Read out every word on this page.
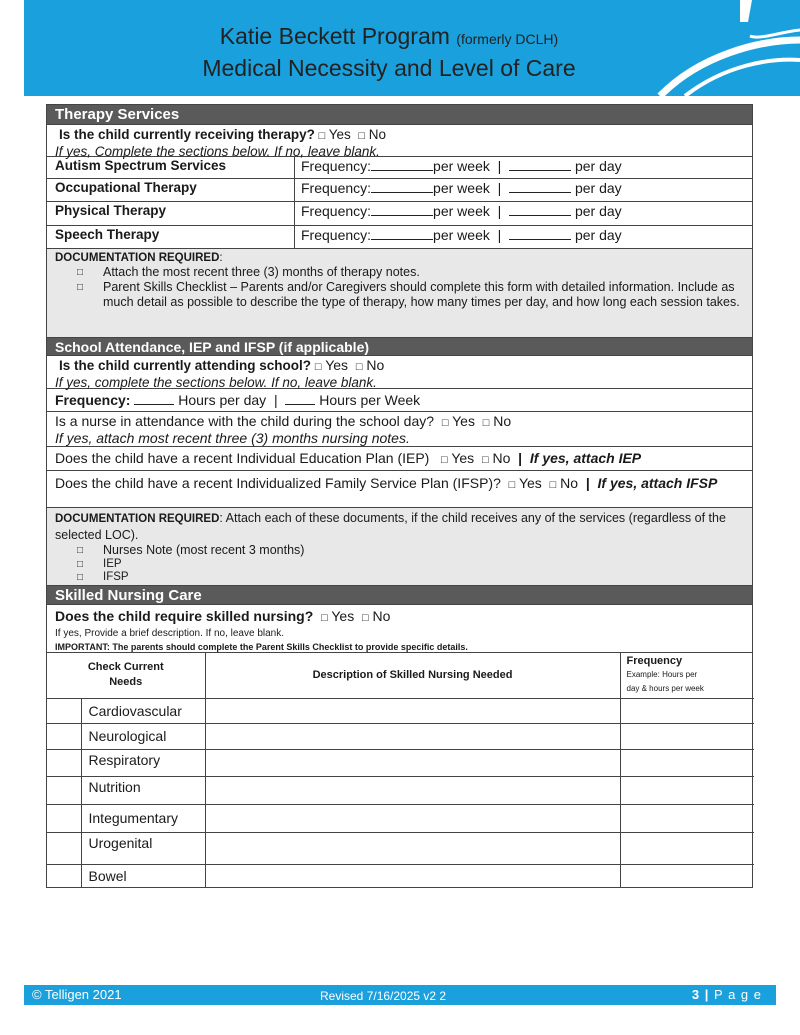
Katie Beckett Program (formerly DCLH)
Medical Necessity and Level of Care
Therapy Services
Is the child currently receiving therapy? □ Yes □ No
If yes, Complete the sections below. If no, leave blank.
Autism Spectrum Services	Frequency:	per week |	per day
Occupational Therapy	Frequency:	per week |	per day
Physical Therapy	Frequency:	per week |	per day
Speech Therapy	Frequency:	per week |	per day
DOCUMENTATION REQUIRED:
□ Attach the most recent three (3) months of therapy notes.
□ Parent Skills Checklist – Parents and/or Caregivers should complete this form with detailed information. Include as much detail as possible to describe the type of therapy, how many times per day, and how long each session takes.
School Attendance, IEP and IFSP (if applicable)
Is the child currently attending school? □ Yes □ No
If yes, complete the sections below. If no, leave blank.
Frequency:	Hours per day |	Hours per Week
Is a nurse in attendance with the child during the school day? □ Yes □ No
If yes, attach most recent three (3) months nursing notes.
Does the child have a recent Individual Education Plan (IEP) □ Yes □ No | If yes, attach IEP
Does the child have a recent Individualized Family Service Plan (IFSP)? □ Yes □ No | If yes, attach IFSP
DOCUMENTATION REQUIRED: Attach each of these documents, if the child receives any of the services (regardless of the selected LOC).
□ Nurses Note (most recent 3 months)
□ IEP
□ IFSP
Skilled Nursing Care
Does the child require skilled nursing? □ Yes □ No
If yes, Provide a brief description. If no, leave blank.
IMPORTANT: The parents should complete the Parent Skills Checklist to provide specific details.
Check Current Needs		Description of Skilled Nursing Needed	Frequency
Example: Hours per
day & hours per week

	Cardiovascular		
	Neurological		
	Respiratory		
	Nutrition		
	Integumentary		
	Urogenital		
	Bowel		
© Telligen 2021	Revised 7/16/2025 v2 2	3 | P a g e
